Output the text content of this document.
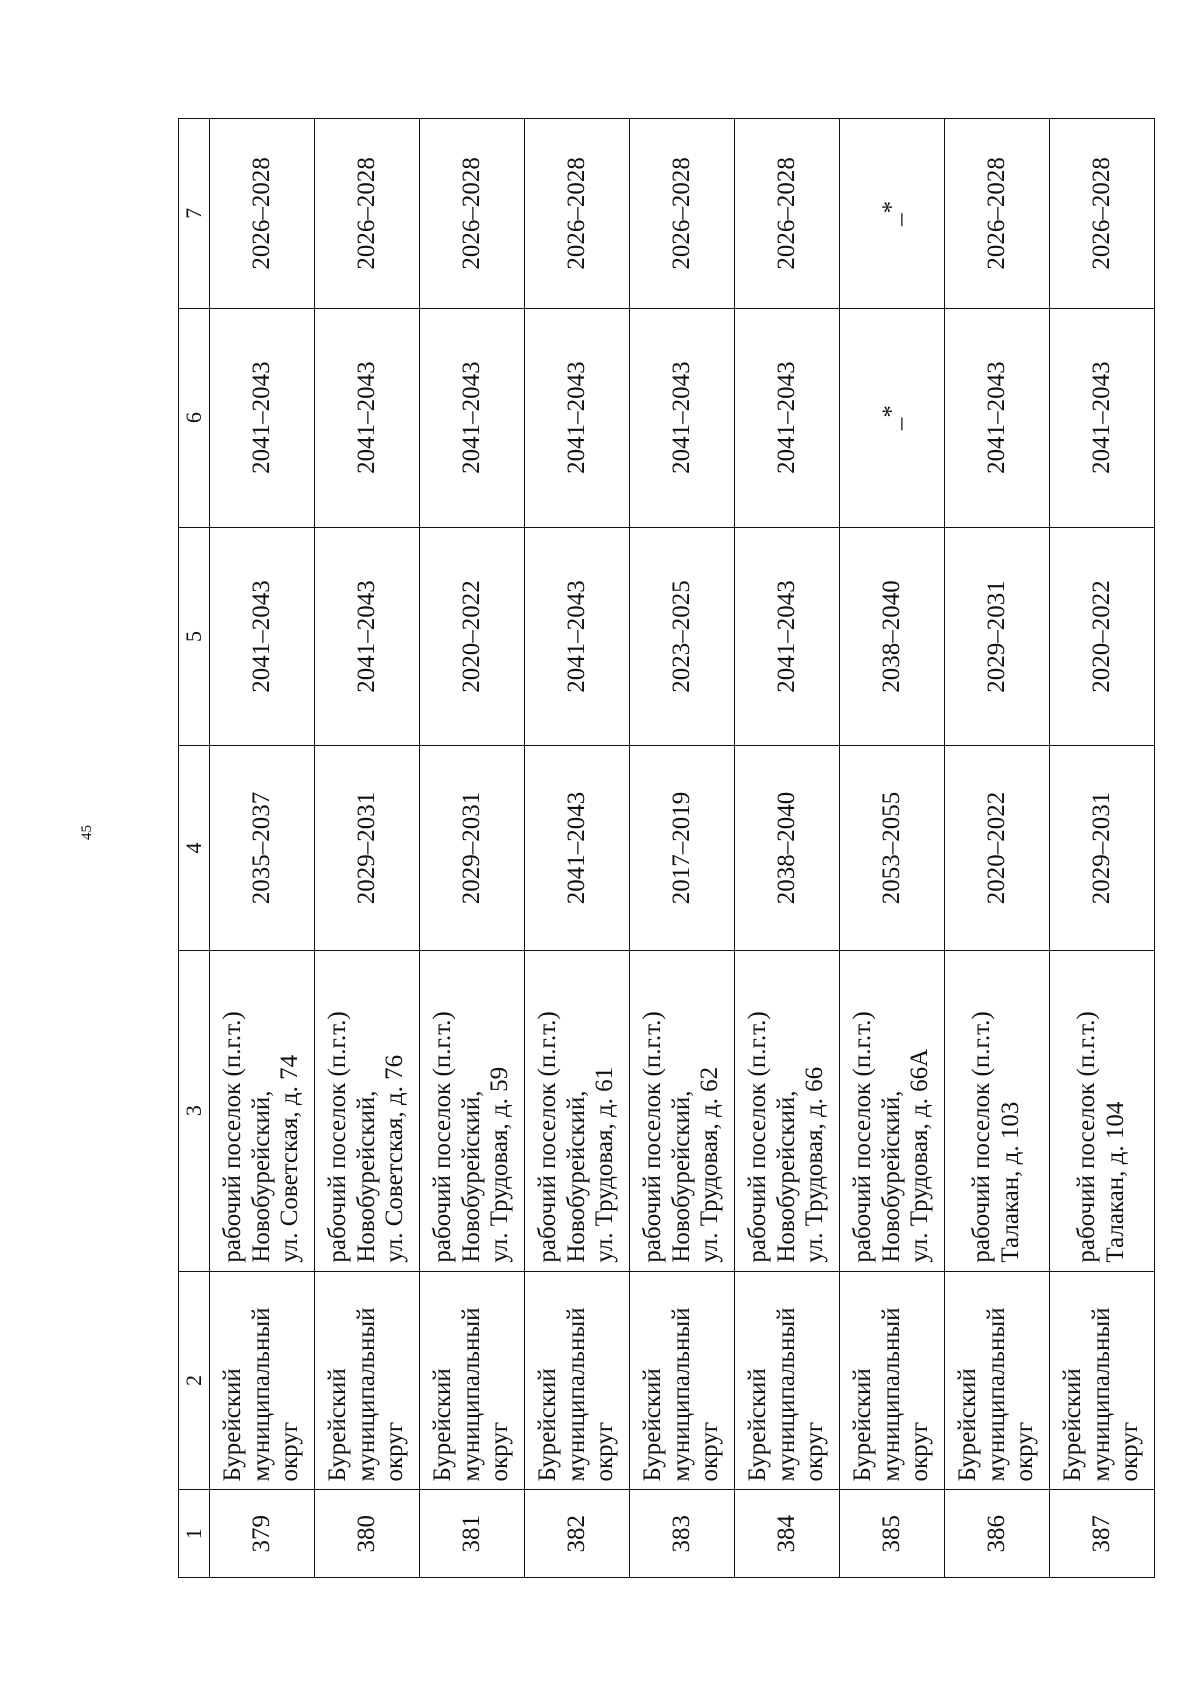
45
1	2	3	4	5	6	7
379	Бурейский муниципальный округ	рабочий поселок (п.г.т.) Новобурейский, ул. Советская, д. 74	2035–2037	2041–2043	2041–2043	2026–2028
380	Бурейский муниципальный округ	рабочий поселок (п.г.т.) Новобурейский, ул. Советская, д. 76	2029–2031	2041–2043	2041–2043	2026–2028
381	Бурейский муниципальный округ	рабочий поселок (п.г.т.) Новобурейский, ул. Трудовая, д. 59	2029–2031	2020–2022	2041–2043	2026–2028
382	Бурейский муниципальный округ	рабочий поселок (п.г.т.) Новобурейский, ул. Трудовая, д. 61	2041–2043	2041–2043	2041–2043	2026–2028
383	Бурейский муниципальный округ	рабочий поселок (п.г.т.) Новобурейский, ул. Трудовая, д. 62	2017–2019	2023–2025	2041–2043	2026–2028
384	Бурейский муниципальный округ	рабочий поселок (п.г.т.) Новобурейский, ул. Трудовая, д. 66	2038–2040	2041–2043	2041–2043	2026–2028
385	Бурейский муниципальный округ	рабочий поселок (п.г.т.) Новобурейский, ул. Трудовая, д. 66А	2053–2055	2038–2040	_*	_*
386	Бурейский муниципальный округ	рабочий поселок (п.г.т.) Талакан, д. 103	2020–2022	2029–2031	2041–2043	2026–2028
387	Бурейский муниципальный округ	рабочий поселок (п.г.т.) Талакан, д. 104	2029–2031	2020–2022	2041–2043	2026–2028
